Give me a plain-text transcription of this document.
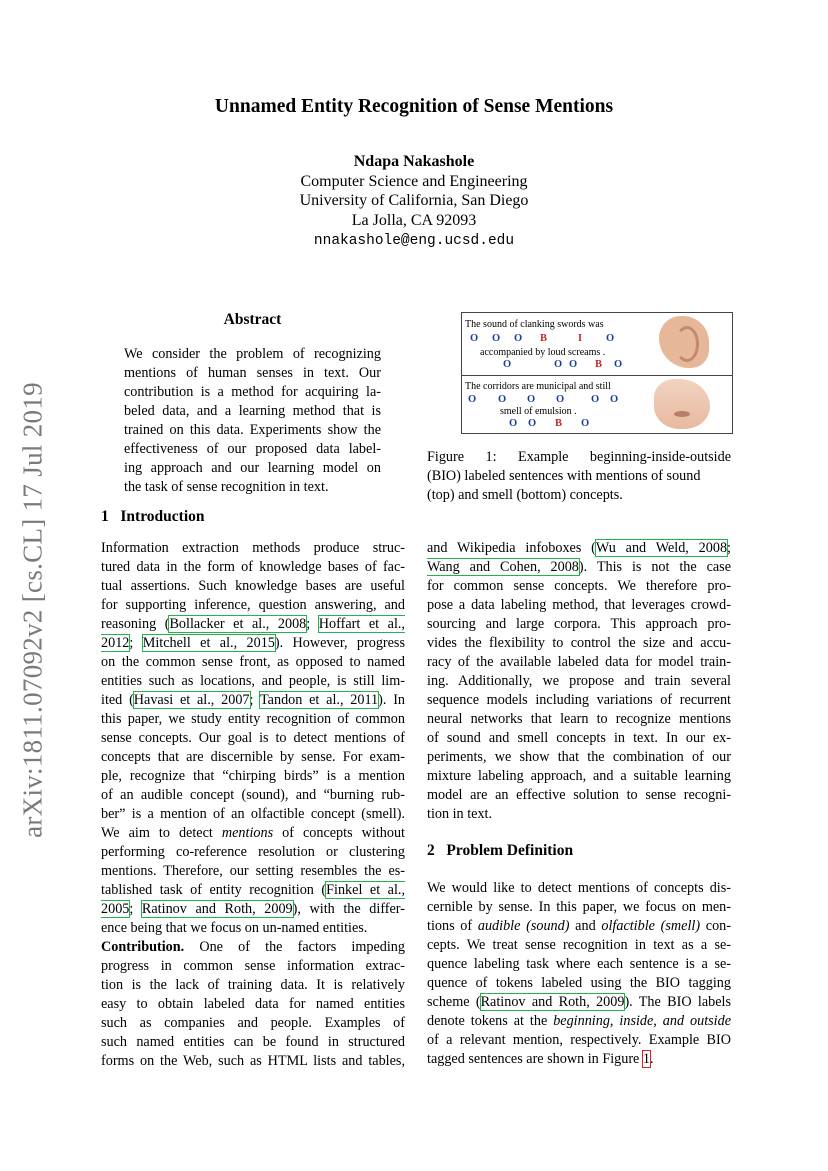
arXiv:1811.07092v2 [cs.CL] 17 Jul 2019
Unnamed Entity Recognition of Sense Mentions
Ndapa Nakashole
Computer Science and Engineering
University of California, San Diego
La Jolla, CA 92093
nnakashole@eng.ucsd.edu
Abstract
We consider the problem of recognizing
mentions of human senses in text. Our
contribution is a method for acquiring la-
beled data, and a learning method that is
trained on this data. Experiments show the
effectiveness of our proposed data label-
ing approach and our learning model on
the task of sense recognition in text.
The sound of clanking swords was
O O O B	I O
accompanied by loud screams .
O	O O B O
The corridors are municipal and still
O O O O	O O
smell of emulsion .
O O B O
Figure 1: Example beginning-inside-outside
(BIO) labeled sentences with mentions of sound
(top) and smell (bottom) concepts.
1 Introduction
Information extraction methods produce struc-
tured data in the form of knowledge bases of fac-
tual assertions. Such knowledge bases are useful
for supporting inference, question answering, and
reasoning (Bollacker et al., 2008; Hoffart et al.,
2012; Mitchell et al., 2015). However, progress
on the common sense front, as opposed to named
entities such as locations, and people, is still lim-
ited (Havasi et al., 2007; Tandon et al., 2011). In
this paper, we study entity recognition of common
sense concepts. Our goal is to detect mentions of
concepts that are discernible by sense. For exam-
ple, recognize that “chirping birds” is a mention
of an audible concept (sound), and “burning rub-
ber” is a mention of an olfactible concept (smell).
We aim to detect mentions of concepts without
performing co-reference resolution or clustering
mentions. Therefore, our setting resembles the es-
tablished task of entity recognition (Finkel et al.,
2005; Ratinov and Roth, 2009), with the differ-
ence being that we focus on un-named entities.
Contribution. One of the factors impeding
progress in common sense information extrac-
tion is the lack of training data. It is relatively
easy to obtain labeled data for named entities
such as companies and people. Examples of
such named entities can be found in structured
forms on the Web, such as HTML lists and tables,
and Wikipedia infoboxes (Wu and Weld, 2008;
Wang and Cohen, 2008). This is not the case
for common sense concepts. We therefore pro-
pose a data labeling method, that leverages crowd-
sourcing and large corpora. This approach pro-
vides the flexibility to control the size and accu-
racy of the available labeled data for model train-
ing. Additionally, we propose and train several
sequence models including variations of recurrent
neural networks that learn to recognize mentions
of sound and smell concepts in text. In our ex-
periments, we show that the combination of our
mixture labeling approach, and a suitable learning
model are an effective solution to sense recogni-
tion in text.
2 Problem Definition
We would like to detect mentions of concepts dis-
cernible by sense. In this paper, we focus on men-
tions of audible (sound) and olfactible (smell) con-
cepts. We treat sense recognition in text as a se-
quence labeling task where each sentence is a se-
quence of tokens labeled using the BIO tagging
scheme (Ratinov and Roth, 2009). The BIO labels
denote tokens at the beginning, inside, and outside
of a relevant mention, respectively. Example BIO
tagged sentences are shown in Figure 1.
